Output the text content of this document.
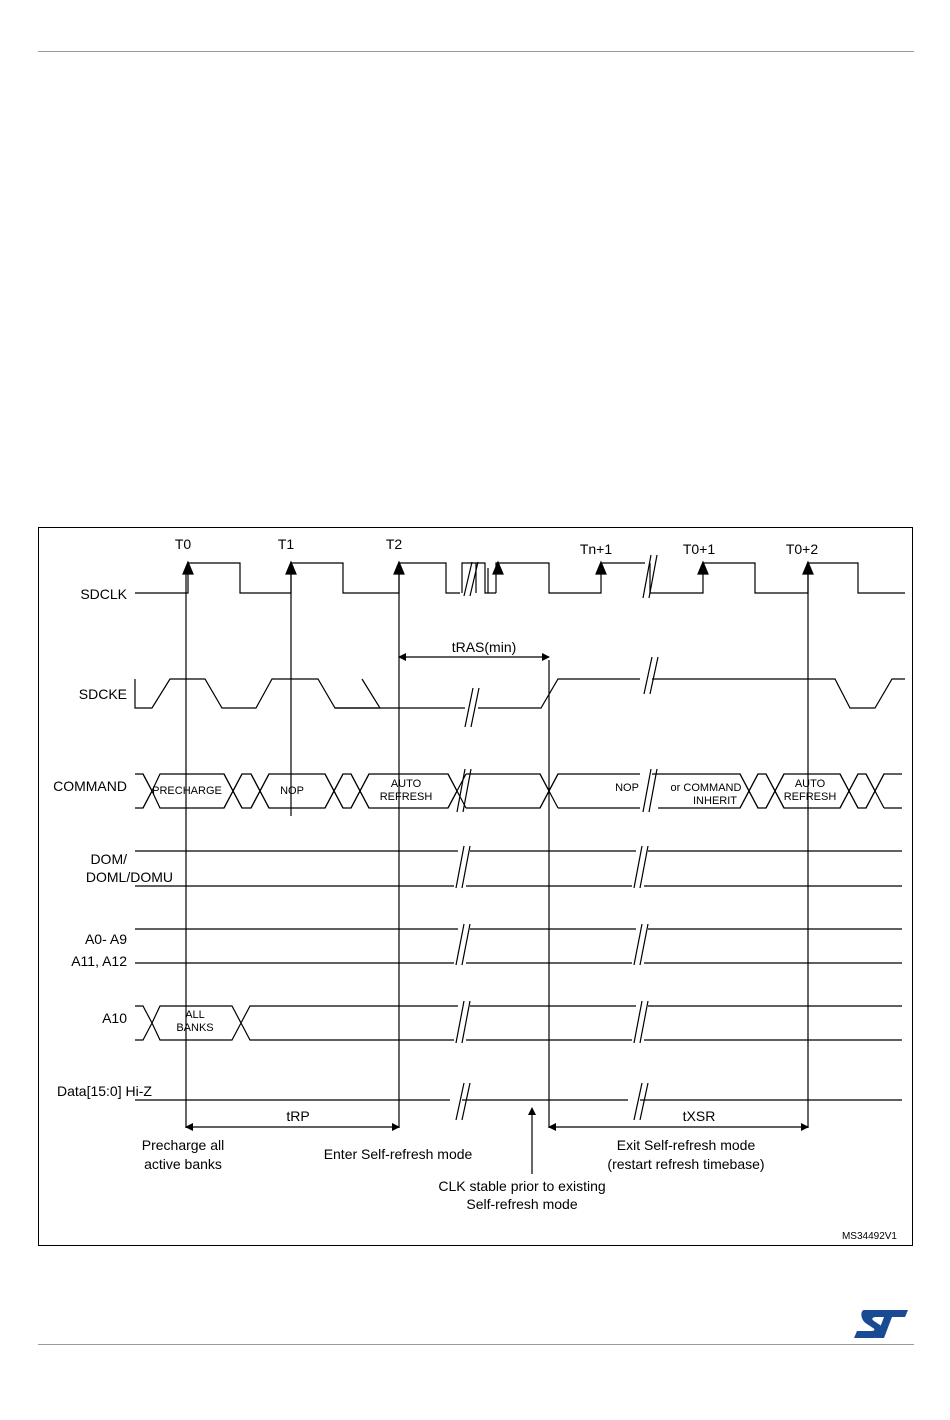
T0	T1	T2	Tn+1	T0+1	T0+2
SDCLK
SDCKE
COMMAND
DOM/
DOML/DOMU
A0- A9
A11, A12
A10
Data[15:0] Hi-Z
PRECHARGE	NOP
AUTO
REFRESH
NOP	or COMMAND
INHERIT
AUTO
REFRESH
ALL
BANKS
tRAS(min)
tRP	tXSR
Precharge all
active banks
Enter Self-refresh mode
CLK stable prior to existing
Self-refresh mode
Exit Self-refresh mode
(restart refresh timebase)
MS34492V1
